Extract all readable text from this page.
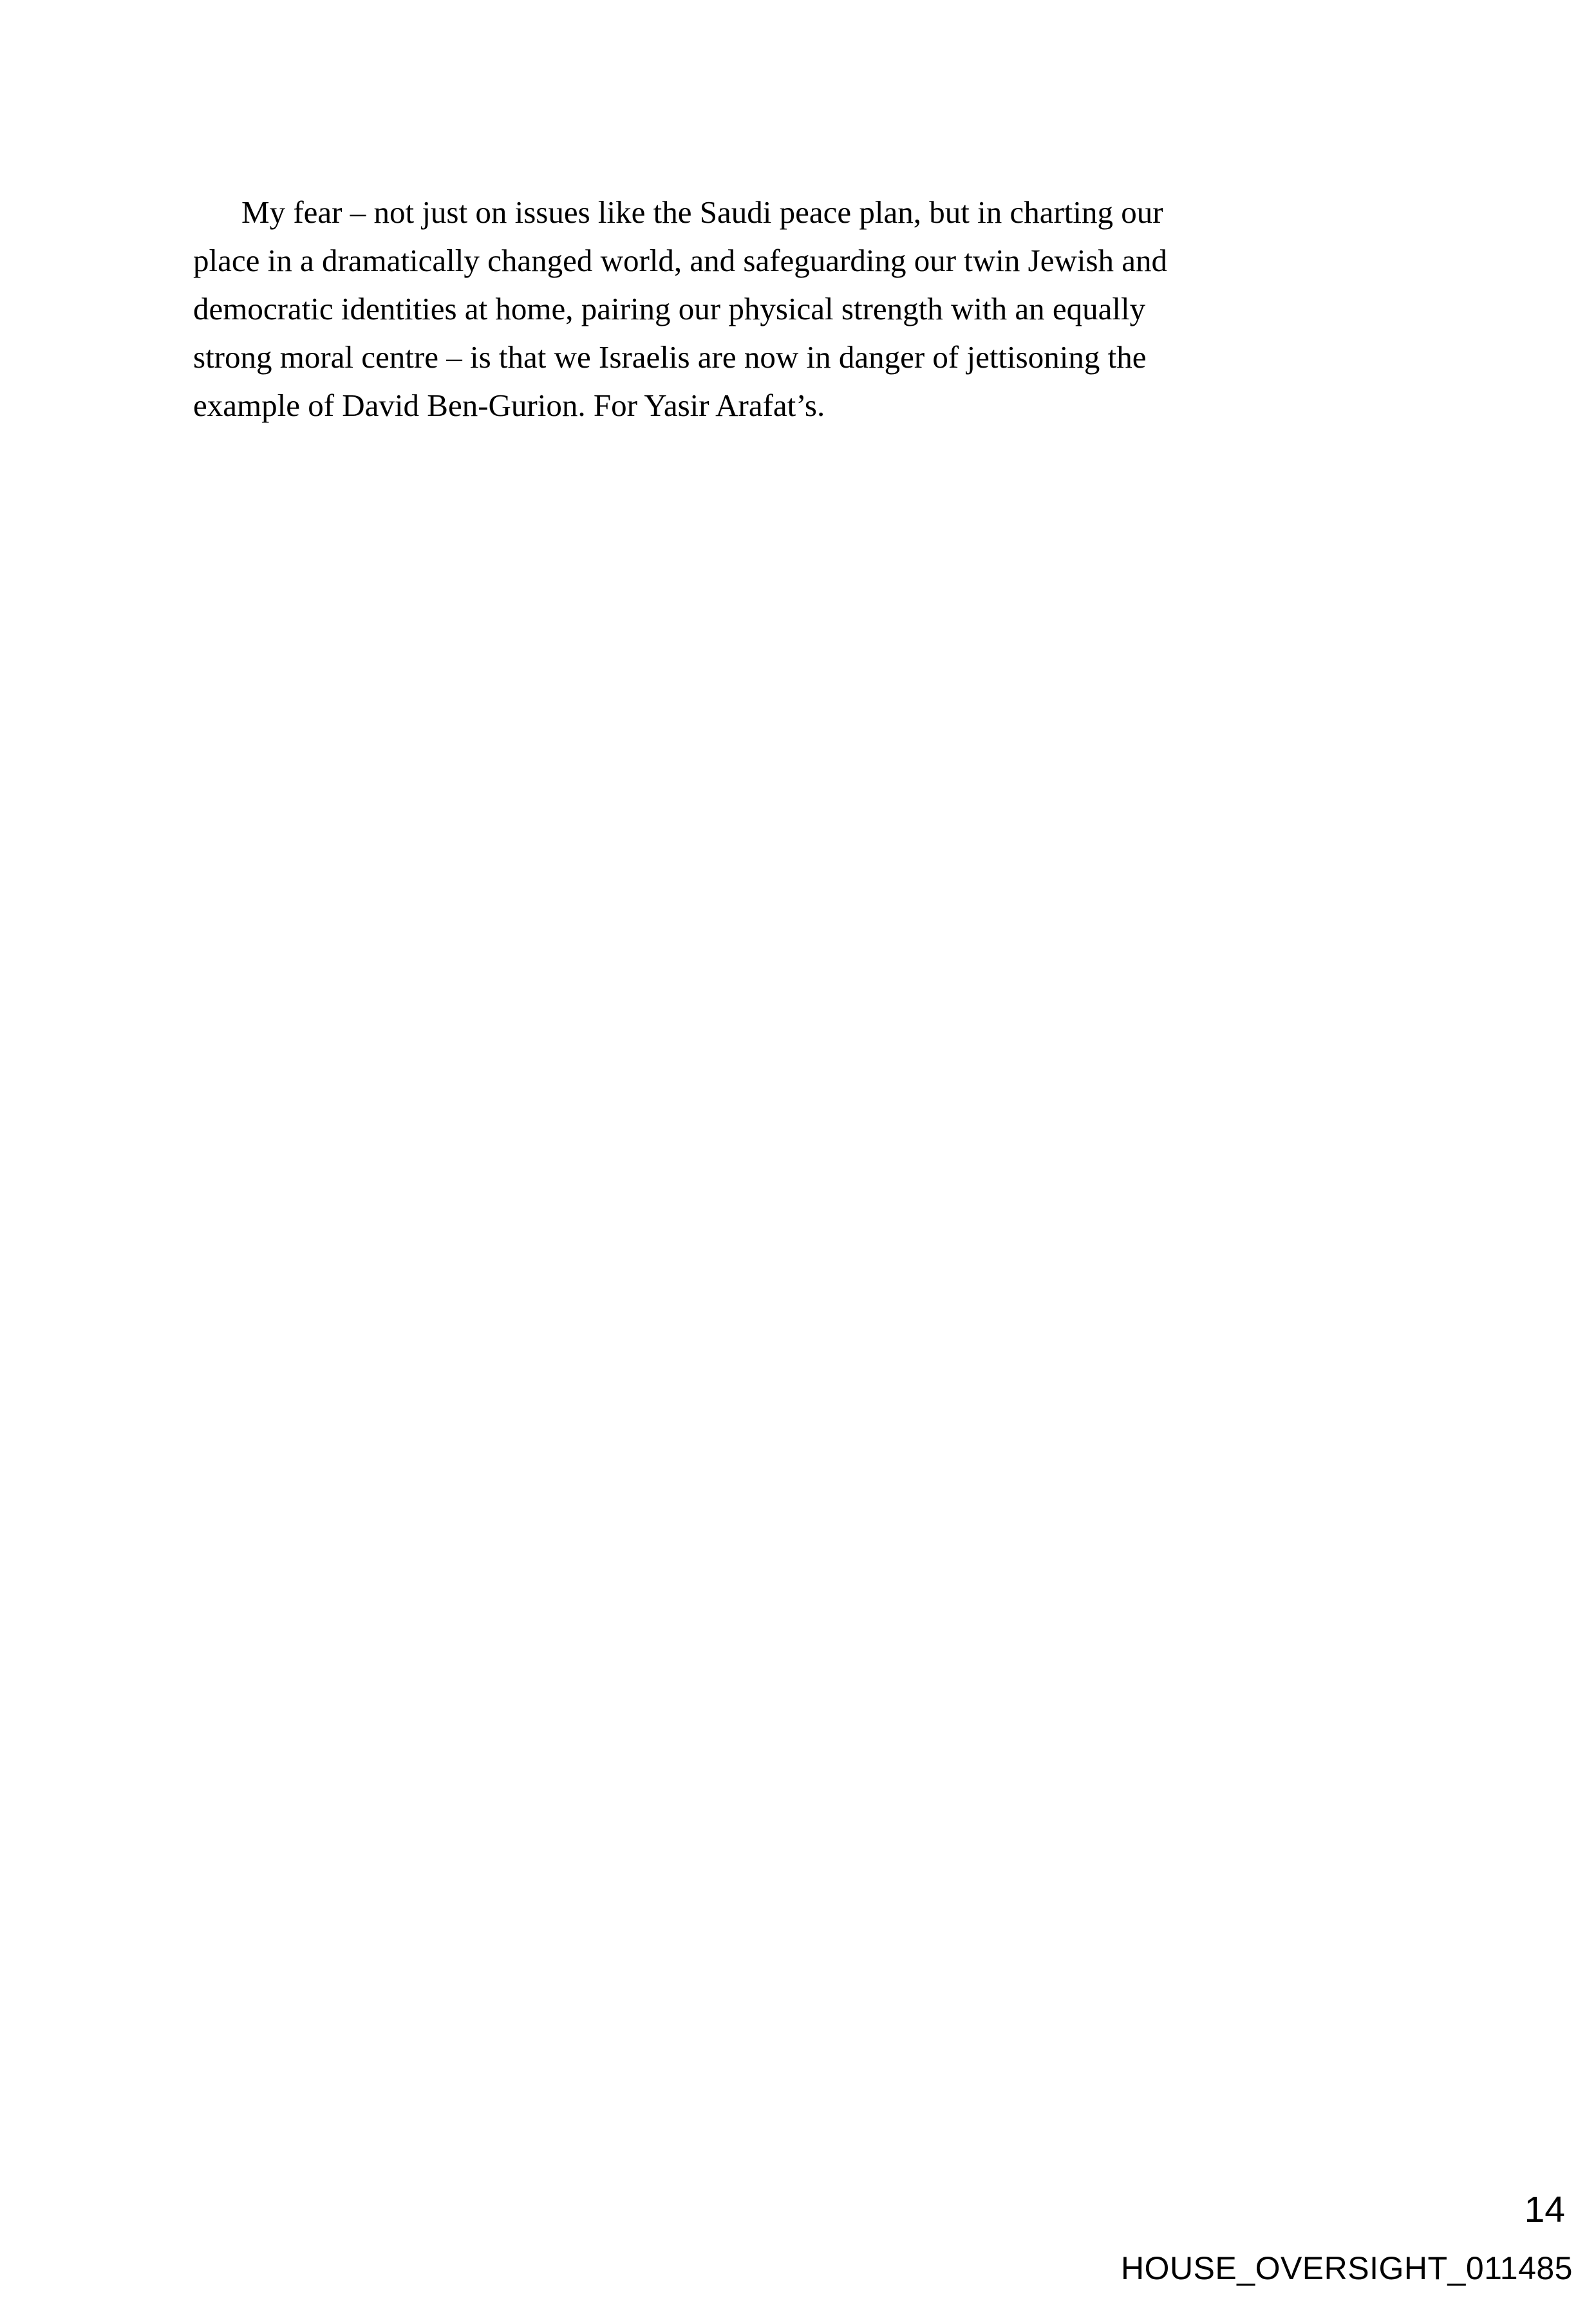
My fear – not just on issues like the Saudi peace plan, but in charting our
place in a dramatically changed world, and safeguarding our twin Jewish and
democratic identities at home, pairing our physical strength with an equally
strong moral centre – is that we Israelis are now in danger of jettisoning the
example of David Ben-Gurion. For Yasir Arafat’s.
14
HOUSE_OVERSIGHT_011485
